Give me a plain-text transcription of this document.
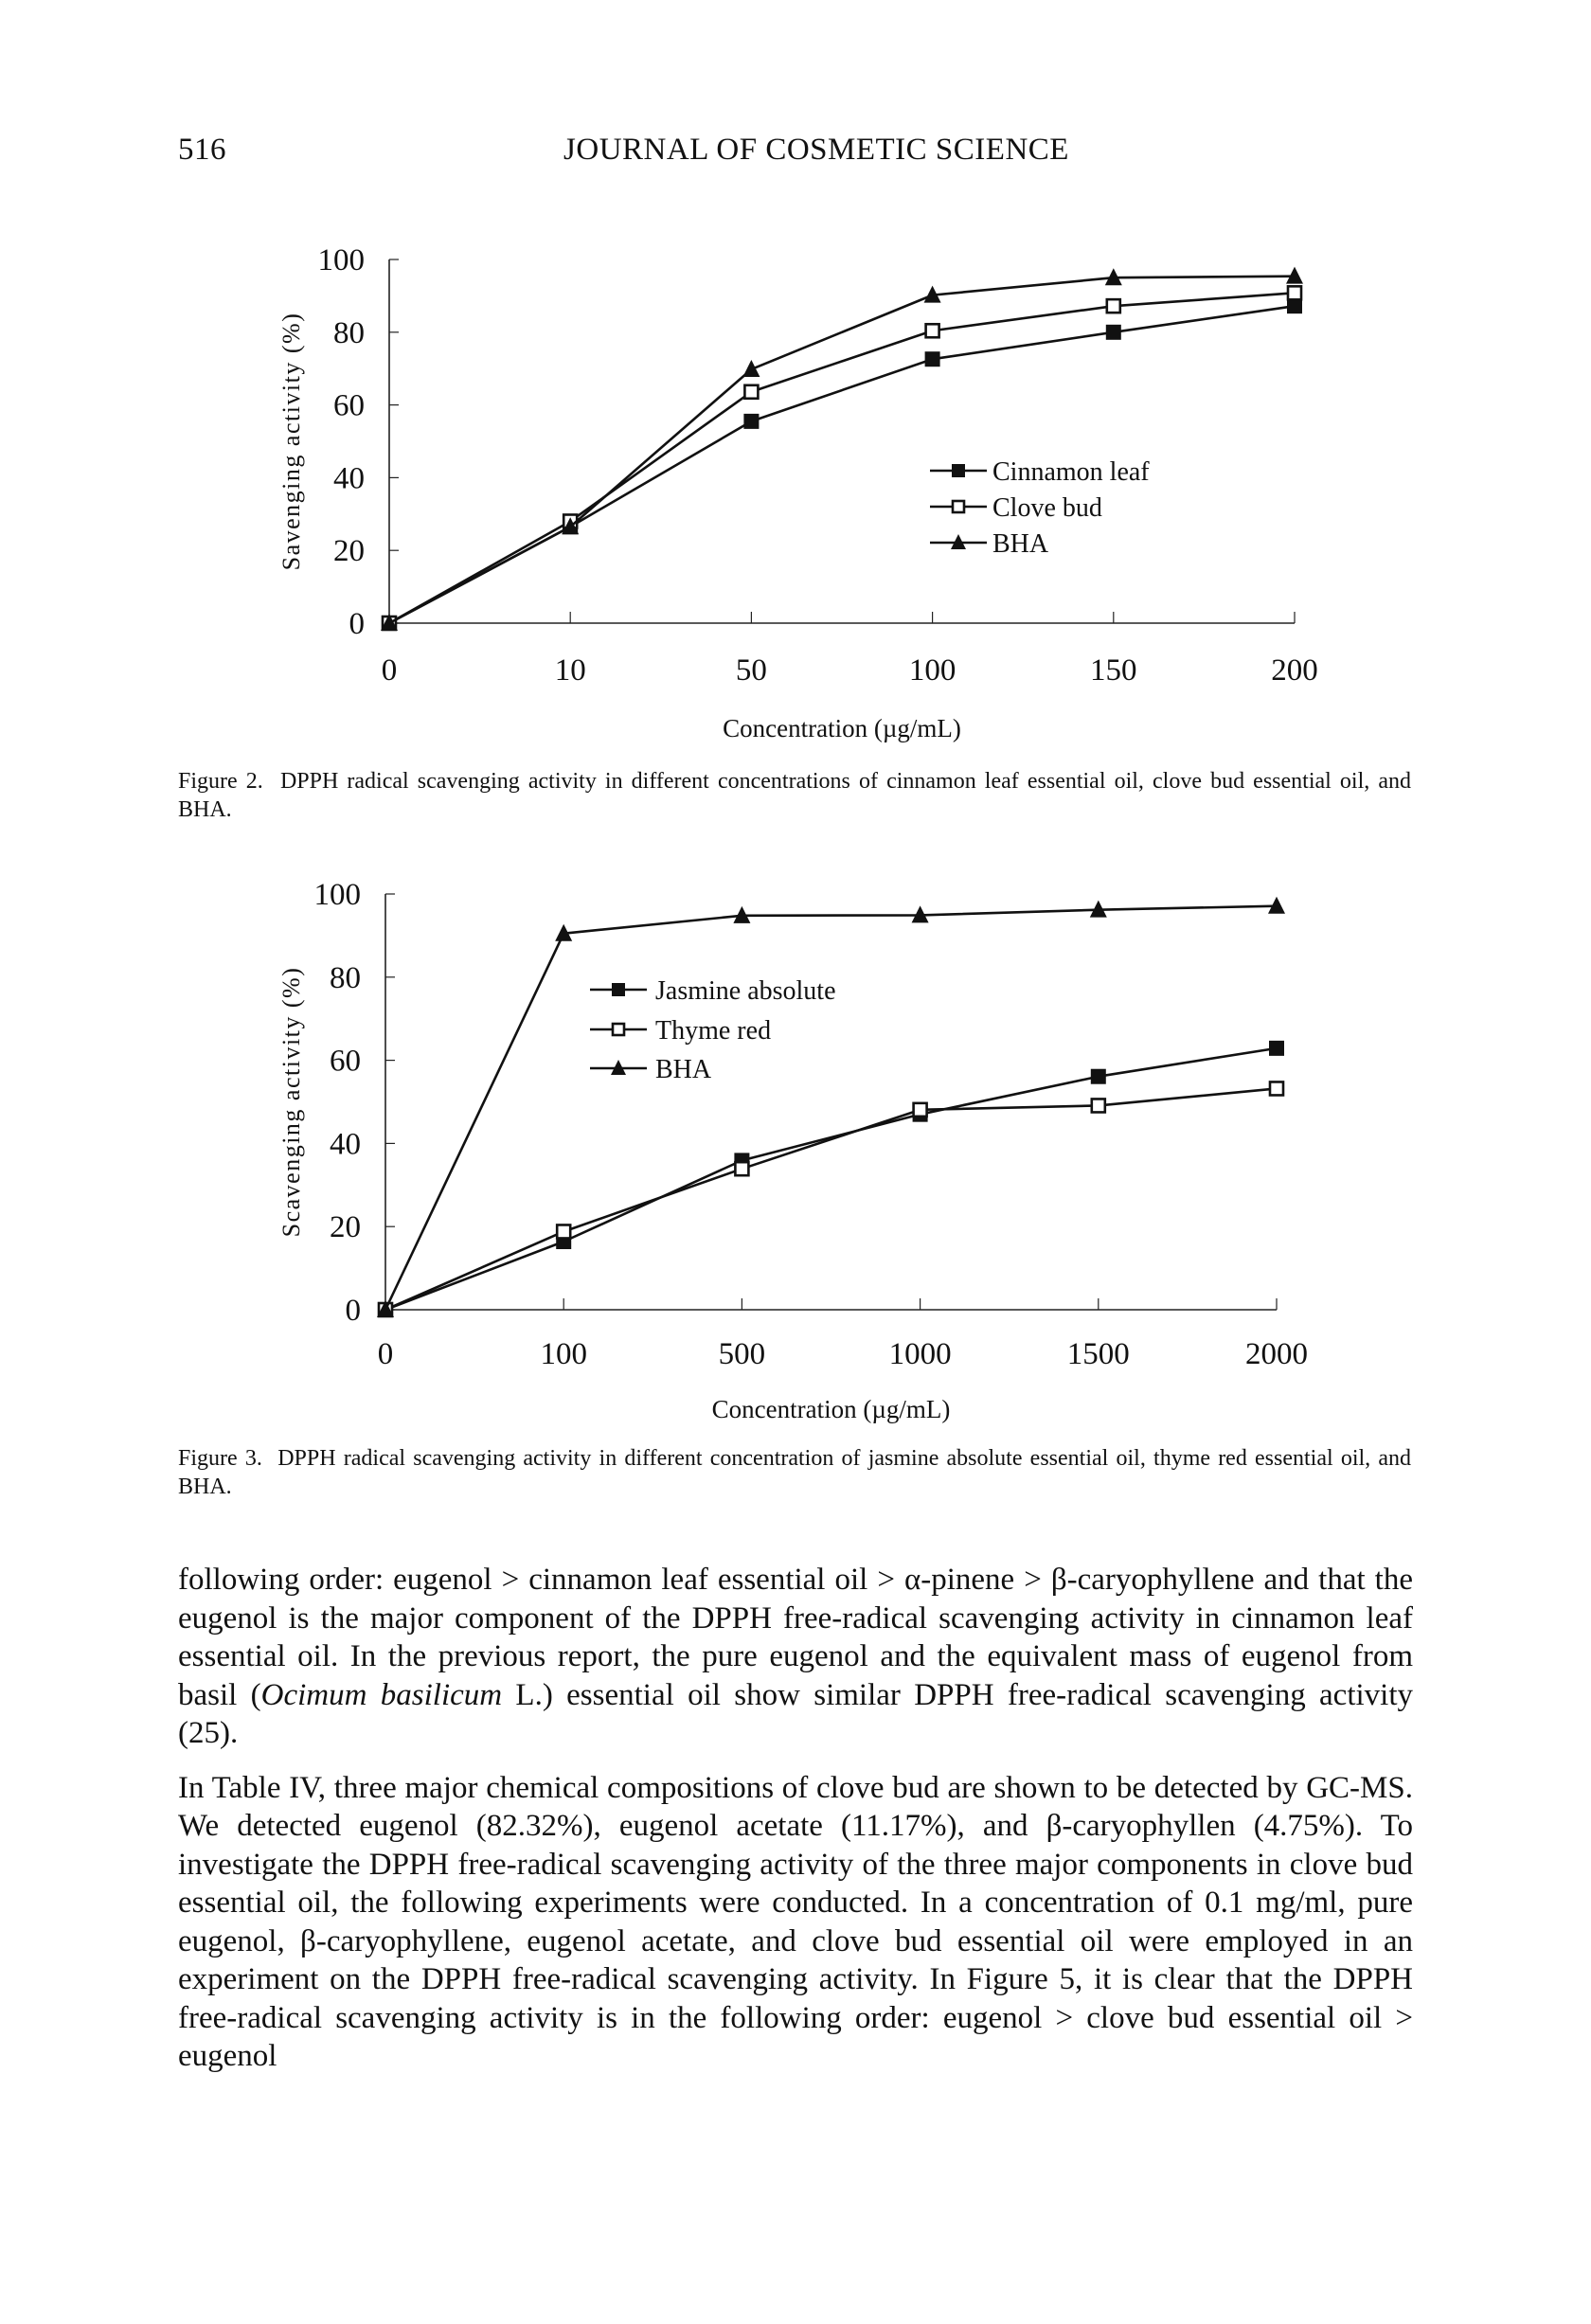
516	JOURNAL OF COSMETIC SCIENCE
0
20
40
60
80
100
0	10	50	100	150	200
Concentration (µg/mL)
Savenging activity (%)	Cinnamon leaf
Clove bud
BHA
0
20
40
60
80
100
0	100	500	1000	1500	2000
Concentration (µg/mL)
Scavenging activity (%)	Jasmine absolute
Thyme red
BHA
Figure 2. DPPH radical scavenging activity in different concentrations of cinnamon leaf essential oil, clove bud essential oil, and BHA.
Figure 3. DPPH radical scavenging activity in different concentration of jasmine absolute essential oil, thyme red essential oil, and BHA.

following order: eugenol > cinnamon leaf essential oil > α-pinene > β-caryophyllene and that the eugenol is the major component of the DPPH free-radical scavenging activity in cinnamon leaf essential oil. In the previous report, the pure eugenol and the equivalent mass of eugenol from basil (Ocimum basilicum L.) essential oil show similar DPPH free-radical scavenging activity (25).

In Table IV, three major chemical compositions of clove bud are shown to be detected by GC-MS. We detected eugenol (82.32%), eugenol acetate (11.17%), and β-caryophyllen (4.75%). To investigate the DPPH free-radical scavenging activity of the three major components in clove bud essential oil, the following experiments were conducted. In a concentration of 0.1 mg/ml, pure eugenol, β-caryophyllene, eugenol acetate, and clove bud essential oil were employed in an experiment on the DPPH free-radical scavenging activity. In Figure 5, it is clear that the DPPH free-radical scavenging activity is in the following order: eugenol > clove bud essential oil > eugenol
